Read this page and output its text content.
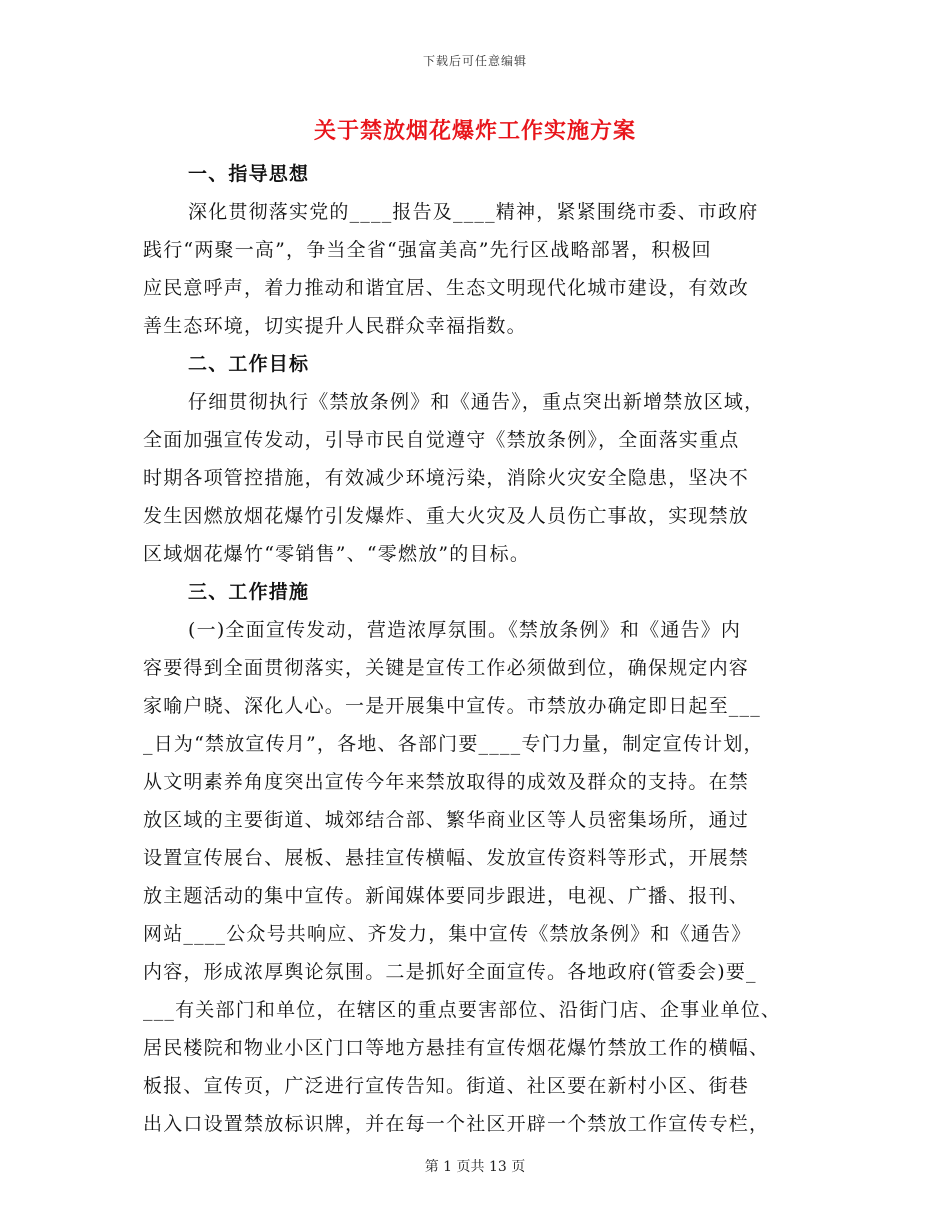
下载后可任意编辑
关于禁放烟花爆炸工作实施方案
一、指导思想
深化贯彻落实党的____报告及____精神，紧紧围绕市委、市政府
践行“两聚一高”，争当全省“强富美高”先行区战略部署，积极回
应民意呼声，着力推动和谐宜居、生态文明现代化城市建设，有效改
善生态环境，切实提升人民群众幸福指数。
二、工作目标
仔细贯彻执行《禁放条例》和《通告》，重点突出新增禁放区域，
全面加强宣传发动，引导市民自觉遵守《禁放条例》，全面落实重点
时期各项管控措施，有效减少环境污染，消除火灾安全隐患，坚决不
发生因燃放烟花爆竹引发爆炸、重大火灾及人员伤亡事故，实现禁放
区域烟花爆竹“零销售”、“零燃放”的目标。
三、工作措施
(一)全面宣传发动，营造浓厚氛围。《禁放条例》和《通告》内
容要得到全面贯彻落实，关键是宣传工作必须做到位，确保规定内容
家喻户晓、深化人心。一是开展集中宣传。市禁放办确定即日起至___
_日为“禁放宣传月”，各地、各部门要____专门力量，制定宣传计划，
从文明素养角度突出宣传今年来禁放取得的成效及群众的支持。在禁
放区域的主要街道、城郊结合部、繁华商业区等人员密集场所，通过
设置宣传展台、展板、悬挂宣传横幅、发放宣传资料等形式，开展禁
放主题活动的集中宣传。新闻媒体要同步跟进，电视、广播、报刊、
网站____公众号共响应、齐发力，集中宣传《禁放条例》和《通告》
内容，形成浓厚舆论氛围。二是抓好全面宣传。各地政府(管委会)要_
___有关部门和单位，在辖区的重点要害部位、沿街门店、企事业单位、
居民楼院和物业小区门口等地方悬挂有宣传烟花爆竹禁放工作的横幅、
板报、宣传页，广泛进行宣传告知。街道、社区要在新村小区、街巷
出入口设置禁放标识牌，并在每一个社区开辟一个禁放工作宣传专栏，
第 1 页共 13 页
